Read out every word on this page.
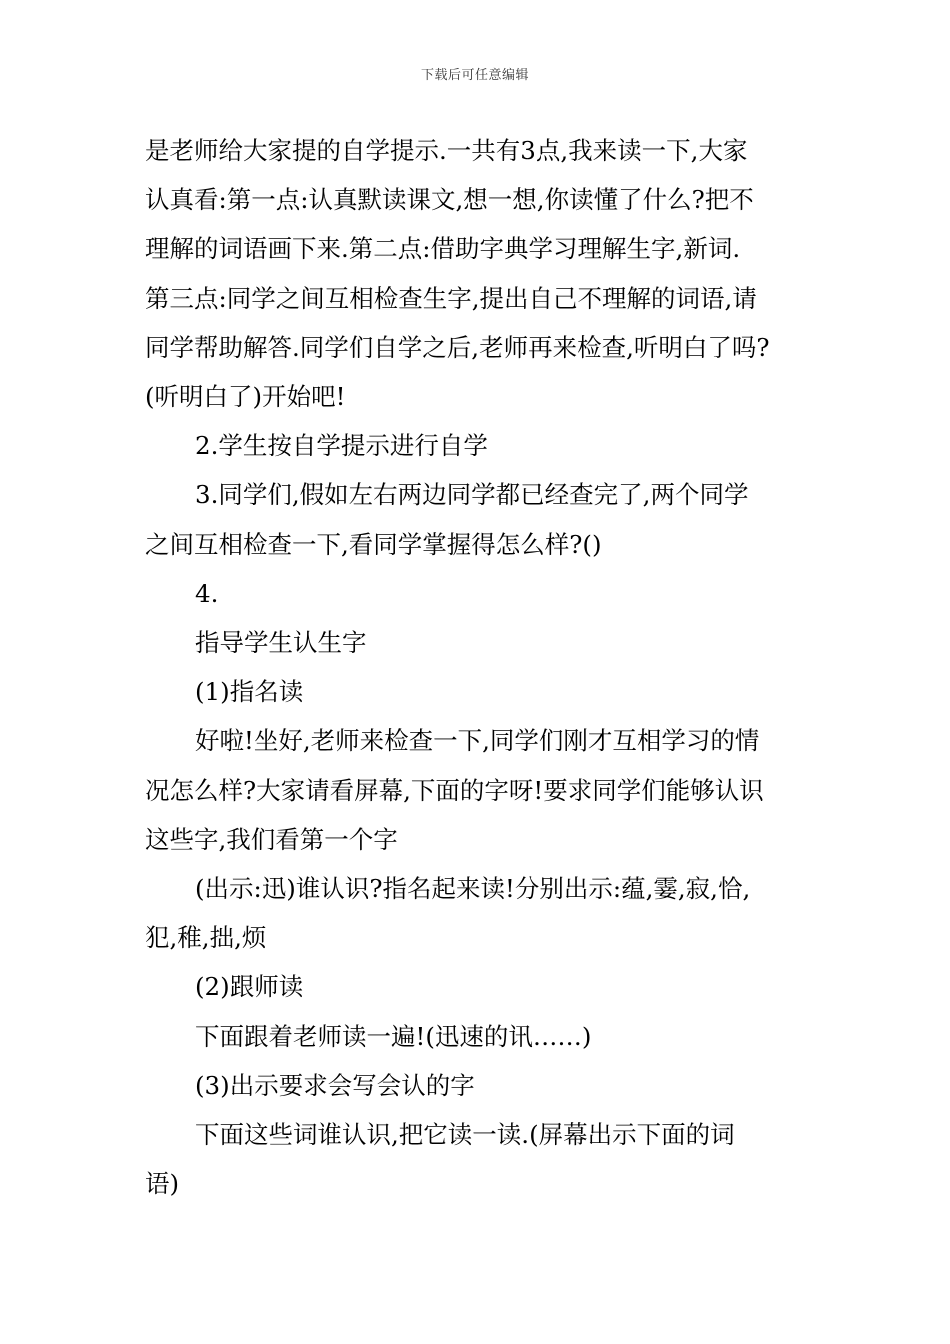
下载后可任意编辑

是老师给大家提的自学提示.一共有3点,我来读一下,大家

认真看:第一点:认真默读课文,想一想,你读懂了什么?把不

理解的词语画下来.第二点:借助字典学习理解生字,新词.

第三点:同学之间互相检查生字,提出自己不理解的词语,请

同学帮助解答.同学们自学之后,老师再来检查,听明白了吗?

(听明白了)开始吧!

2.学生按自学提示进行自学

3.同学们,假如左右两边同学都已经查完了,两个同学

之间互相检查一下,看同学掌握得怎么样?()

4.

指导学生认生字

(1)指名读

好啦!坐好,老师来检查一下,同学们刚才互相学习的情

况怎么样?大家请看屏幕,下面的字呀!要求同学们能够认识

这些字,我们看第一个字

(出示:迅)谁认识?指名起来读!分别出示:蕴,霎,寂,恰,

犯,稚,拙,烦

(2)跟师读

下面跟着老师读一遍!(迅速的讯……)

(3)出示要求会写会认的字

下面这些词谁认识,把它读一读.(屏幕出示下面的词

语)
